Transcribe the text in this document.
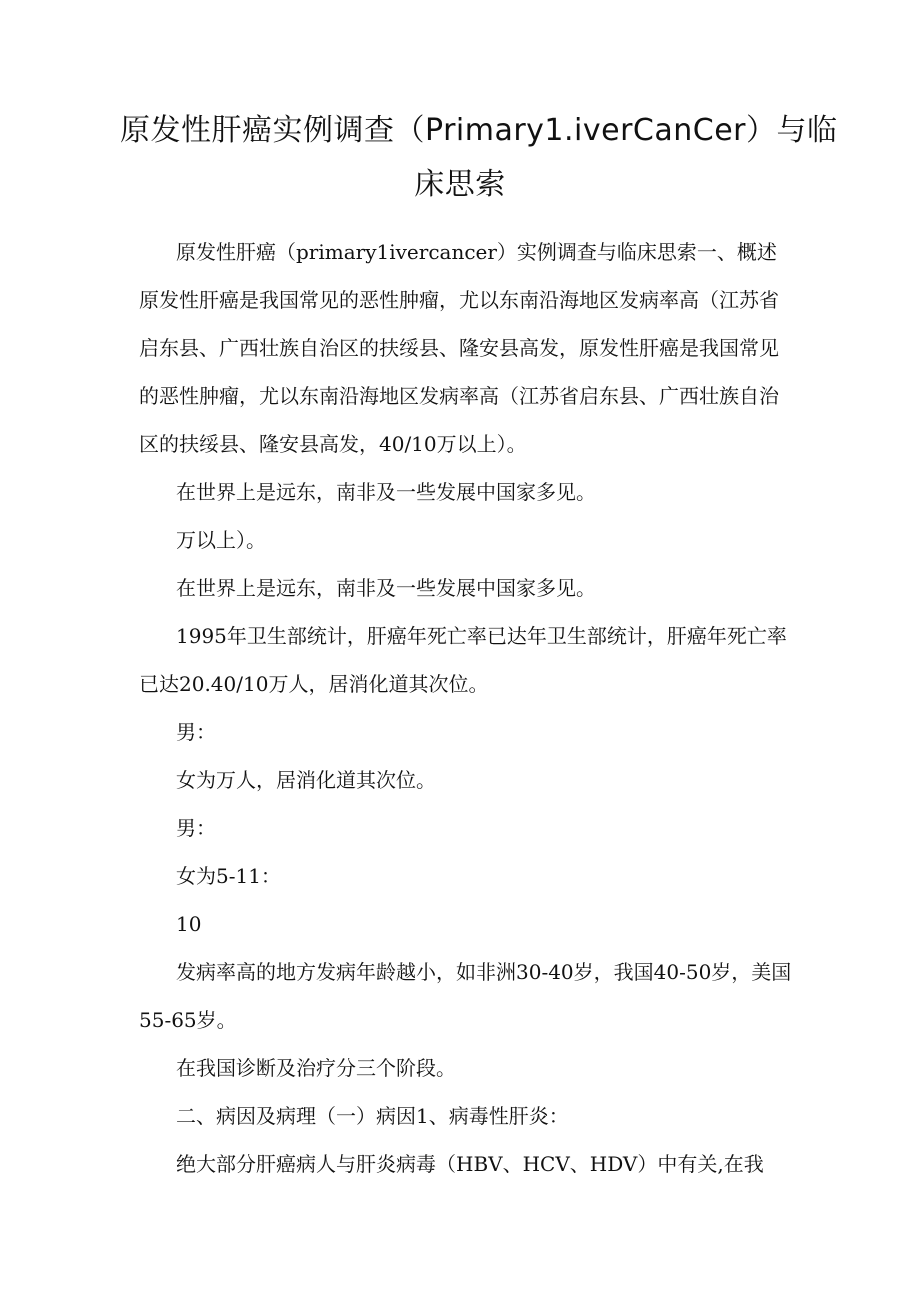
原发性肝癌实例调查（Primary1.iverCanCer）与临
床思索
原发性肝癌（primary1ivercancer）实例调查与临床思索一、概述
原发性肝癌是我国常见的恶性肿瘤，尤以东南沿海地区发病率高（江苏省
启东县、广西壮族自治区的扶绥县、隆安县高发，原发性肝癌是我国常见
的恶性肿瘤，尤以东南沿海地区发病率高（江苏省启东县、广西壮族自治
区的扶绥县、隆安县高发，40/10万以上）。
在世界上是远东，南非及一些发展中国家多见。
万以上）。
在世界上是远东，南非及一些发展中国家多见。
1995年卫生部统计，肝癌年死亡率已达年卫生部统计，肝癌年死亡率
已达20.40/10万人，居消化道其次位。
男：
女为万人，居消化道其次位。
男：
女为5-11：
10
发病率高的地方发病年龄越小，如非洲30-40岁，我国40-50岁，美国
55-65岁。
在我国诊断及治疗分三个阶段。
二、病因及病理（一）病因1、病毒性肝炎：
绝大部分肝癌病人与肝炎病毒（HBV、HCV、HDV）中有关,在我
